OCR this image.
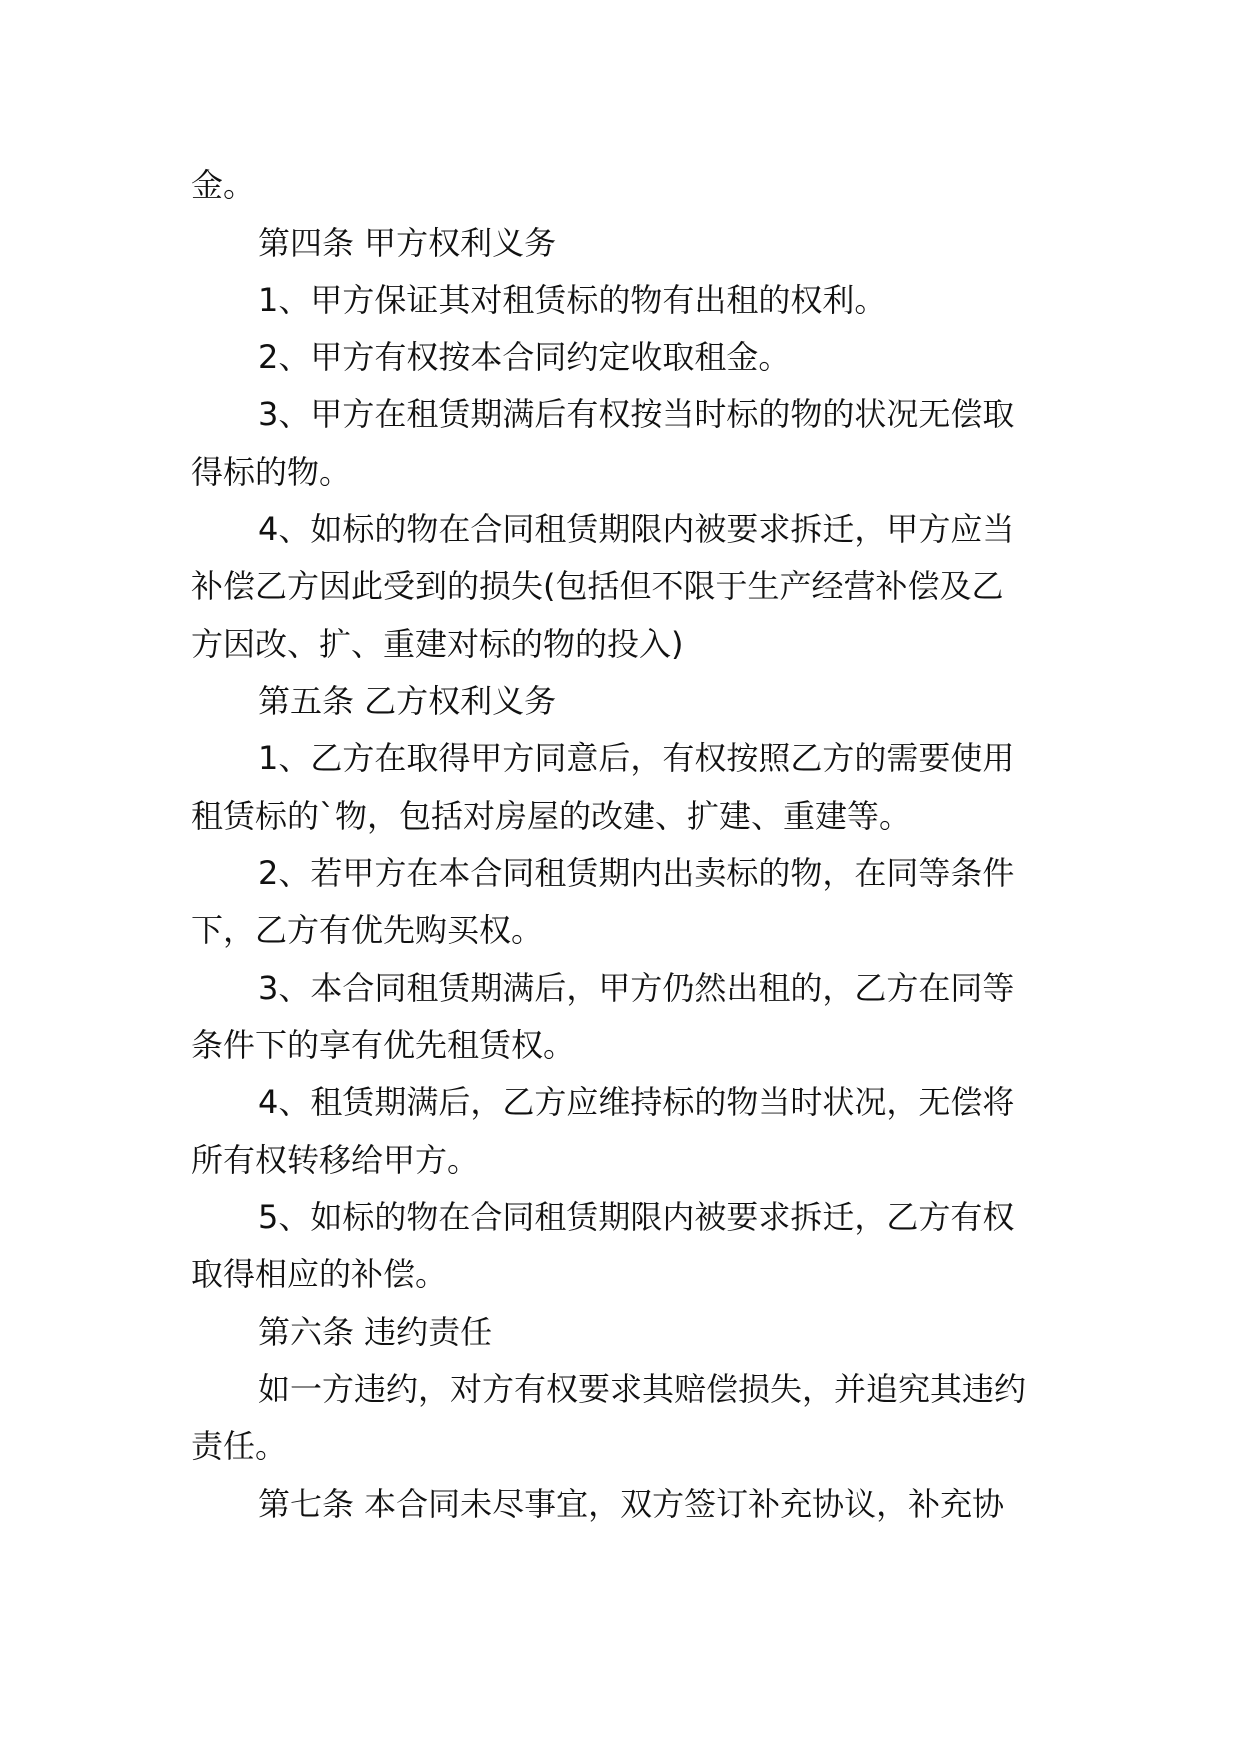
金。

第四条 甲方权利义务

1、甲方保证其对租赁标的物有出租的权利。

2、甲方有权按本合同约定收取租金。

3、甲方在租赁期满后有权按当时标的物的状况无偿取

得标的物。

4、如标的物在合同租赁期限内被要求拆迁，甲方应当

补偿乙方因此受到的损失(包括但不限于生产经营补偿及乙

方因改、扩、重建对标的物的投入)

第五条 乙方权利义务

1、乙方在取得甲方同意后，有权按照乙方的需要使用

租赁标的`物，包括对房屋的改建、扩建、重建等。

2、若甲方在本合同租赁期内出卖标的物，在同等条件

下，乙方有优先购买权。

3、本合同租赁期满后，甲方仍然出租的，乙方在同等

条件下的享有优先租赁权。

4、租赁期满后，乙方应维持标的物当时状况，无偿将

所有权转移给甲方。

5、如标的物在合同租赁期限内被要求拆迁，乙方有权

取得相应的补偿。

第六条 违约责任

如一方违约，对方有权要求其赔偿损失，并追究其违约

责任。

第七条 本合同未尽事宜，双方签订补充协议，补充协
